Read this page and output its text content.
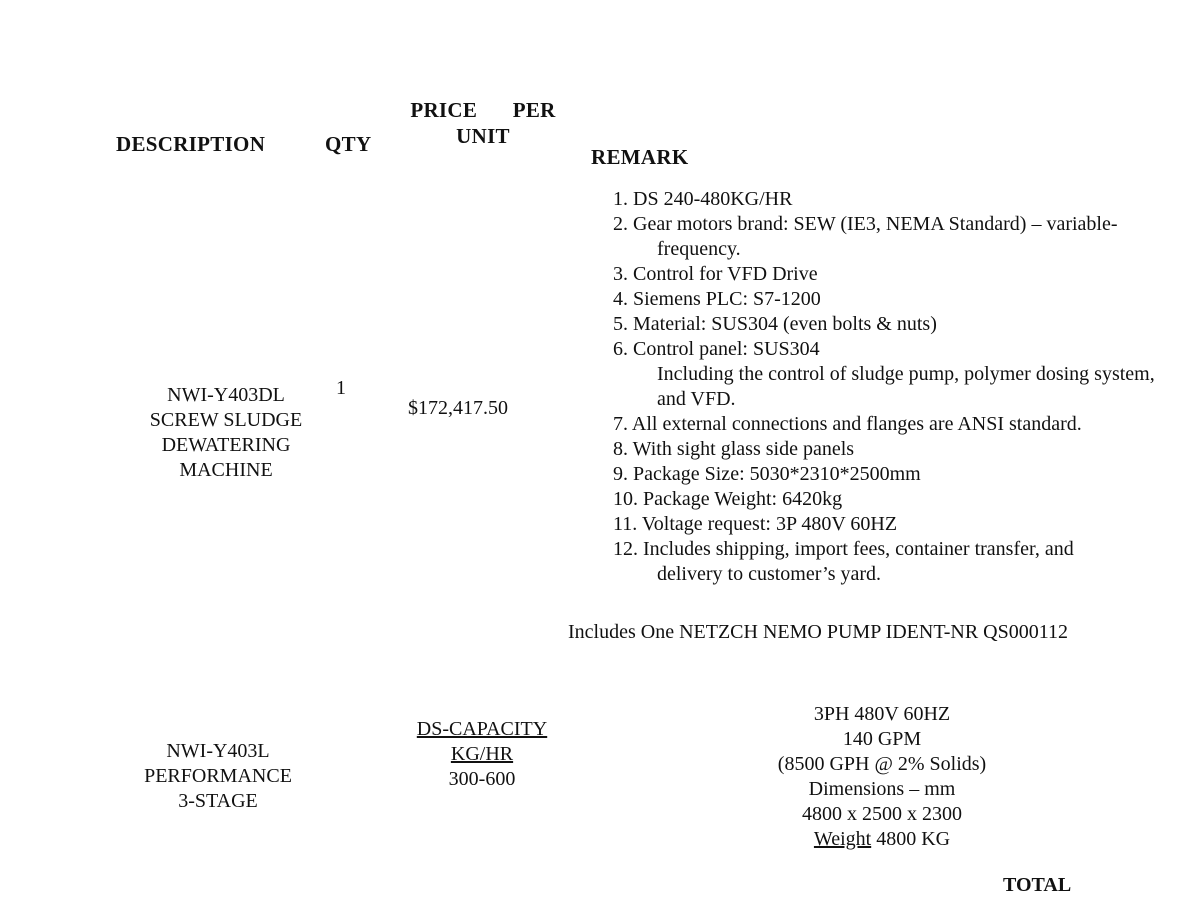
DESCRIPTION	QTY
PRICE PER
UNIT
REMARK
NWI-Y403DL
SCREW SLUDGE
DEWATERING
MACHINE
1
$172,417.50
1. DS 240-480KG/HR
2. Gear motors brand: SEW (IE3, NEMA Standard) – variable-
frequency.
3. Control for VFD Drive
4. Siemens PLC: S7-1200
5. Material: SUS304 (even bolts & nuts)
6. Control panel: SUS304
Including the control of sludge pump, polymer dosing system, and VFD.
7. All external connections and flanges are ANSI standard.
8. With sight glass side panels
9. Package Size: 5030*2310*2500mm
10. Package Weight: 6420kg
11. Voltage request: 3P 480V 60HZ
12. Includes shipping, import fees, container transfer, and
delivery to customer’s yard.
Includes One NETZCH NEMO PUMP IDENT-NR QS000112
NWI-Y403L
PERFORMANCE
3-STAGE
DS-CAPACITY
KG/HR
300-600
3PH 480V 60HZ
140 GPM
(8500 GPH @ 2% Solids)
Dimensions – mm
4800 x 2500 x 2300
Weight 4800 KG
TOTAL
